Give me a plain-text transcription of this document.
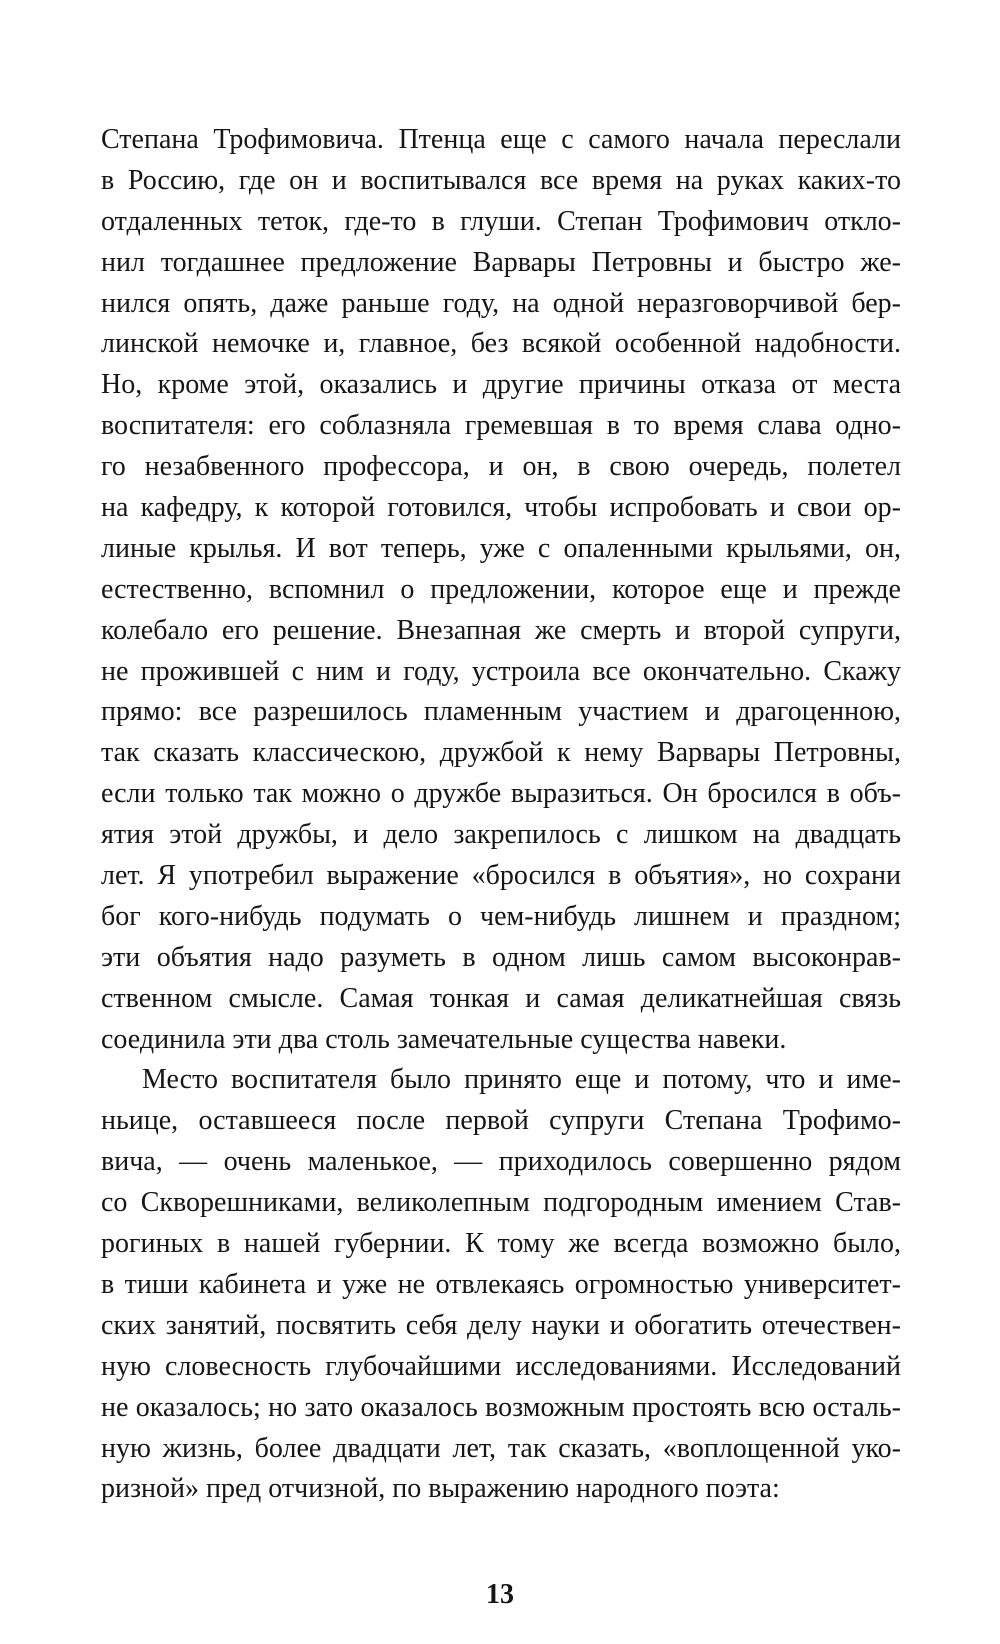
Степана Трофимовича. Птенца еще с самого начала переслали
в Россию, где он и воспитывался все время на руках каких-то
отдаленных теток, где-то в глуши. Степан Трофимович откло-
нил тогдашнее предложение Варвары Петровны и быстро же-
нился опять, даже раньше году, на одной неразговорчивой бер-
линской немочке и, главное, без всякой особенной надобности.
Но, кроме этой, оказались и другие причины отказа от места
воспитателя: его соблазняла гремевшая в то время слава одно-
го незабвенного профессора, и он, в свою очередь, полетел
на кафедру, к которой готовился, чтобы испробовать и свои ор-
линые крылья. И вот теперь, уже с опаленными крыльями, он,
естественно, вспомнил о предложении, которое еще и прежде
колебало его решение. Внезапная же смерть и второй супруги,
не прожившей с ним и году, устроила все окончательно. Скажу
прямо: все разрешилось пламенным участием и драгоценною,
так сказать классическою, дружбой к нему Варвары Петровны,
если только так можно о дружбе выразиться. Он бросился в объ-
ятия этой дружбы, и дело закрепилось с лишком на двадцать
лет. Я употребил выражение «бросился в объятия», но сохрани
бог кого-нибудь подумать о чем-нибудь лишнем и праздном;
эти объятия надо разуметь в одном лишь самом высоконрав-
ственном смысле. Самая тонкая и самая деликатнейшая связь
соединила эти два столь замечательные существа навеки.
Место воспитателя было принято еще и потому, что и име-
ньице, оставшееся после первой супруги Степана Трофимо-
вича, — очень маленькое, — приходилось совершенно рядом
со Скворешниками, великолепным подгородным имением Став-
рогиных в нашей губернии. К тому же всегда возможно было,
в тиши кабинета и уже не отвлекаясь огромностью университет-
ских занятий, посвятить себя делу науки и обогатить отечествен-
ную словесность глубочайшими исследованиями. Исследований
не оказалось; но зато оказалось возможным простоять всю осталь-
ную жизнь, более двадцати лет, так сказать, «воплощенной уко-
ризной» пред отчизной, по выражению народного поэта:
13
